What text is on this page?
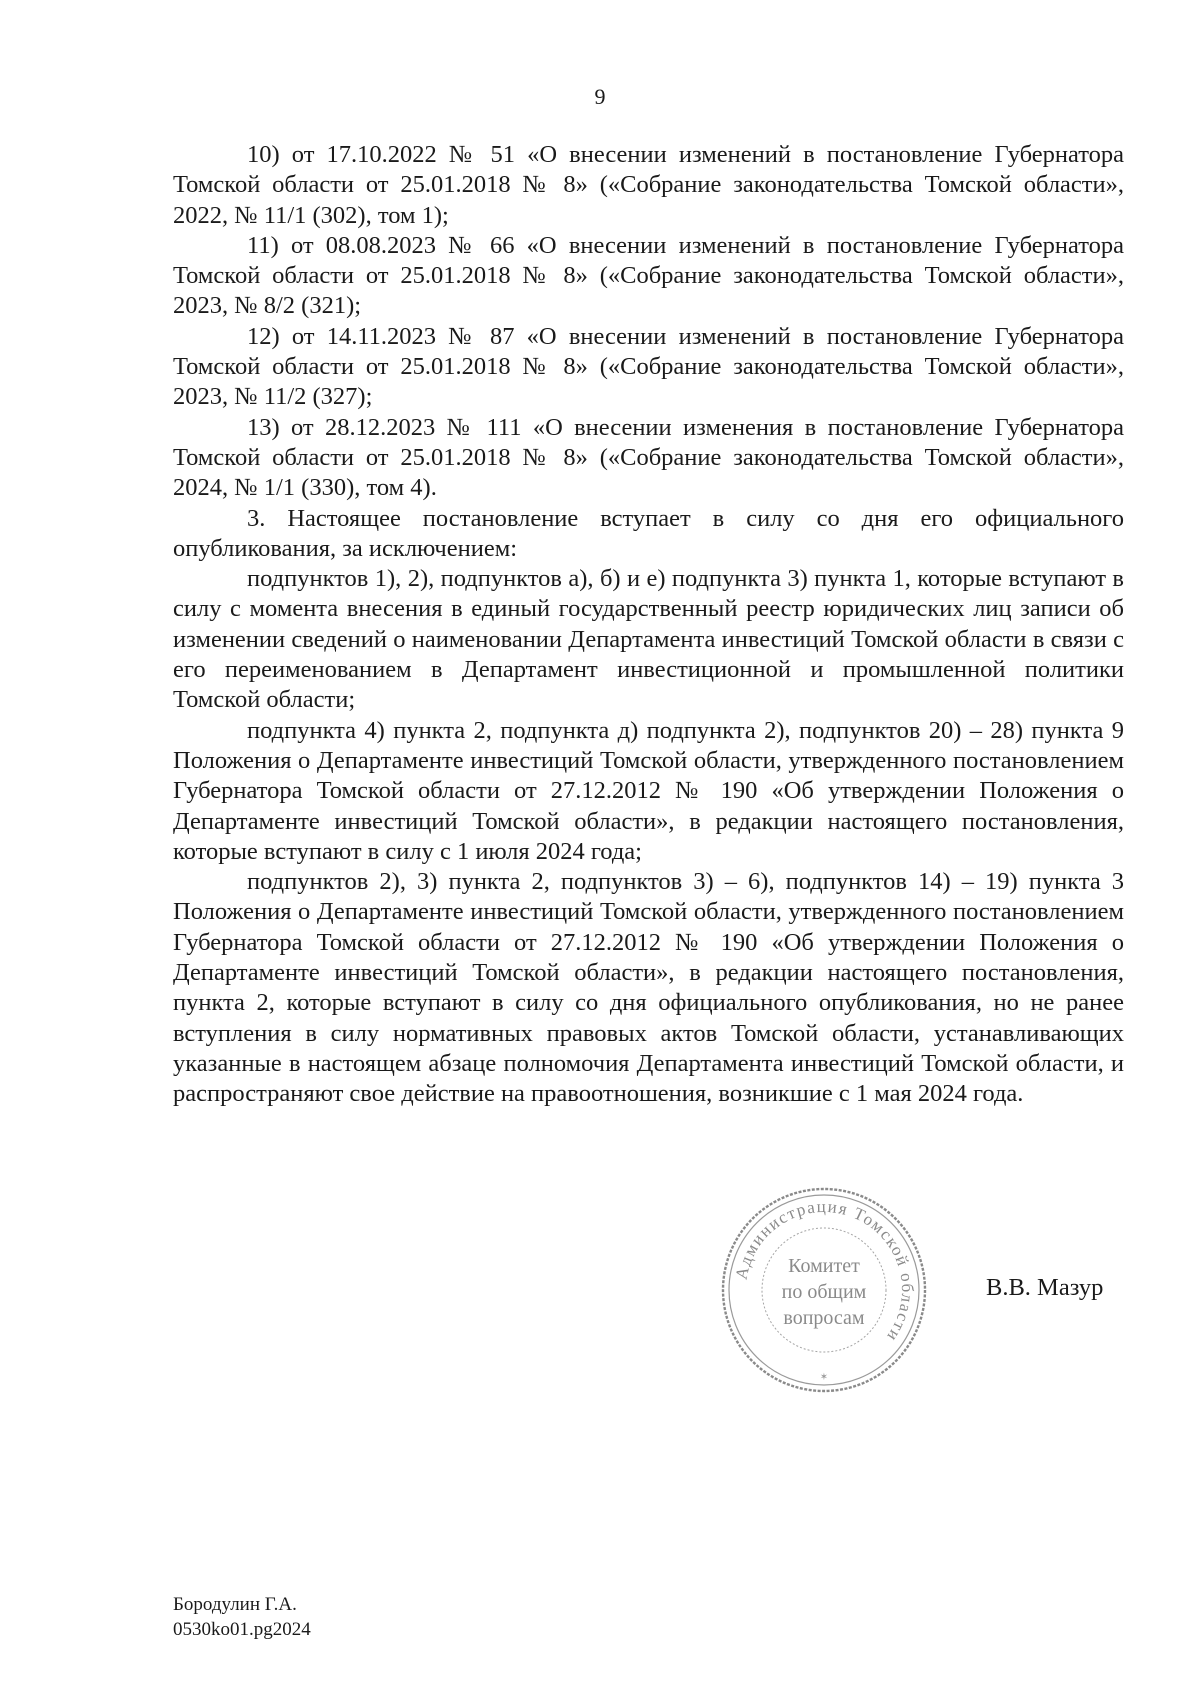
9

10) от 17.10.2022 № 51 «О внесении изменений в постановление Губернатора Томской области от 25.01.2018 № 8» («Собрание законодательства Томской области», 2022, № 11/1 (302), том 1);

11) от 08.08.2023 № 66 «О внесении изменений в постановление Губернатора Томской области от 25.01.2018 № 8» («Собрание законодательства Томской области», 2023, № 8/2 (321);

12) от 14.11.2023 № 87 «О внесении изменений в постановление Губернатора Томской области от 25.01.2018 № 8» («Собрание законодательства Томской области», 2023, № 11/2 (327);

13) от 28.12.2023 № 111 «О внесении изменения в постановление Губернатора Томской области от 25.01.2018 № 8» («Собрание законодательства Томской области», 2024, № 1/1 (330), том 4).

3. Настоящее постановление вступает в силу со дня его официального опубликования, за исключением:

подпунктов 1), 2), подпунктов а), б) и е) подпункта 3) пункта 1, которые вступают в силу с момента внесения в единый государственный реестр юридических лиц записи об изменении сведений о наименовании Департамента инвестиций Томской области в связи с его переименованием в Департамент инвестиционной и промышленной политики Томской области;

подпункта 4) пункта 2, подпункта д) подпункта 2), подпунктов 20) – 28) пункта 9 Положения о Департаменте инвестиций Томской области, утвержденного постановлением Губернатора Томской области от 27.12.2012 № 190 «Об утверждении Положения о Департаменте инвестиций Томской области», в редакции настоящего постановления, которые вступают в силу с 1 июля 2024 года;

подпунктов 2), 3) пункта 2, подпунктов 3) – 6), подпунктов 14) – 19) пункта 3 Положения о Департаменте инвестиций Томской области, утвержденного постановлением Губернатора Томской области от 27.12.2012 № 190 «Об утверждении Положения о Департаменте инвестиций Томской области», в редакции настоящего постановления, пункта 2, которые вступают в силу со дня официального опубликования, но не ранее вступления в силу нормативных правовых актов Томской области, устанавливающих указанные в настоящем абзаце полномочия Департамента инвестиций Томской области, и распространяют свое действие на правоотношения, возникшие с 1 мая 2024 года.

Администрация Томской области
Комитет
по общим
вопросам
✶
В.В. Мазур
Бородулин Г.А.
0530ko01.pg2024
